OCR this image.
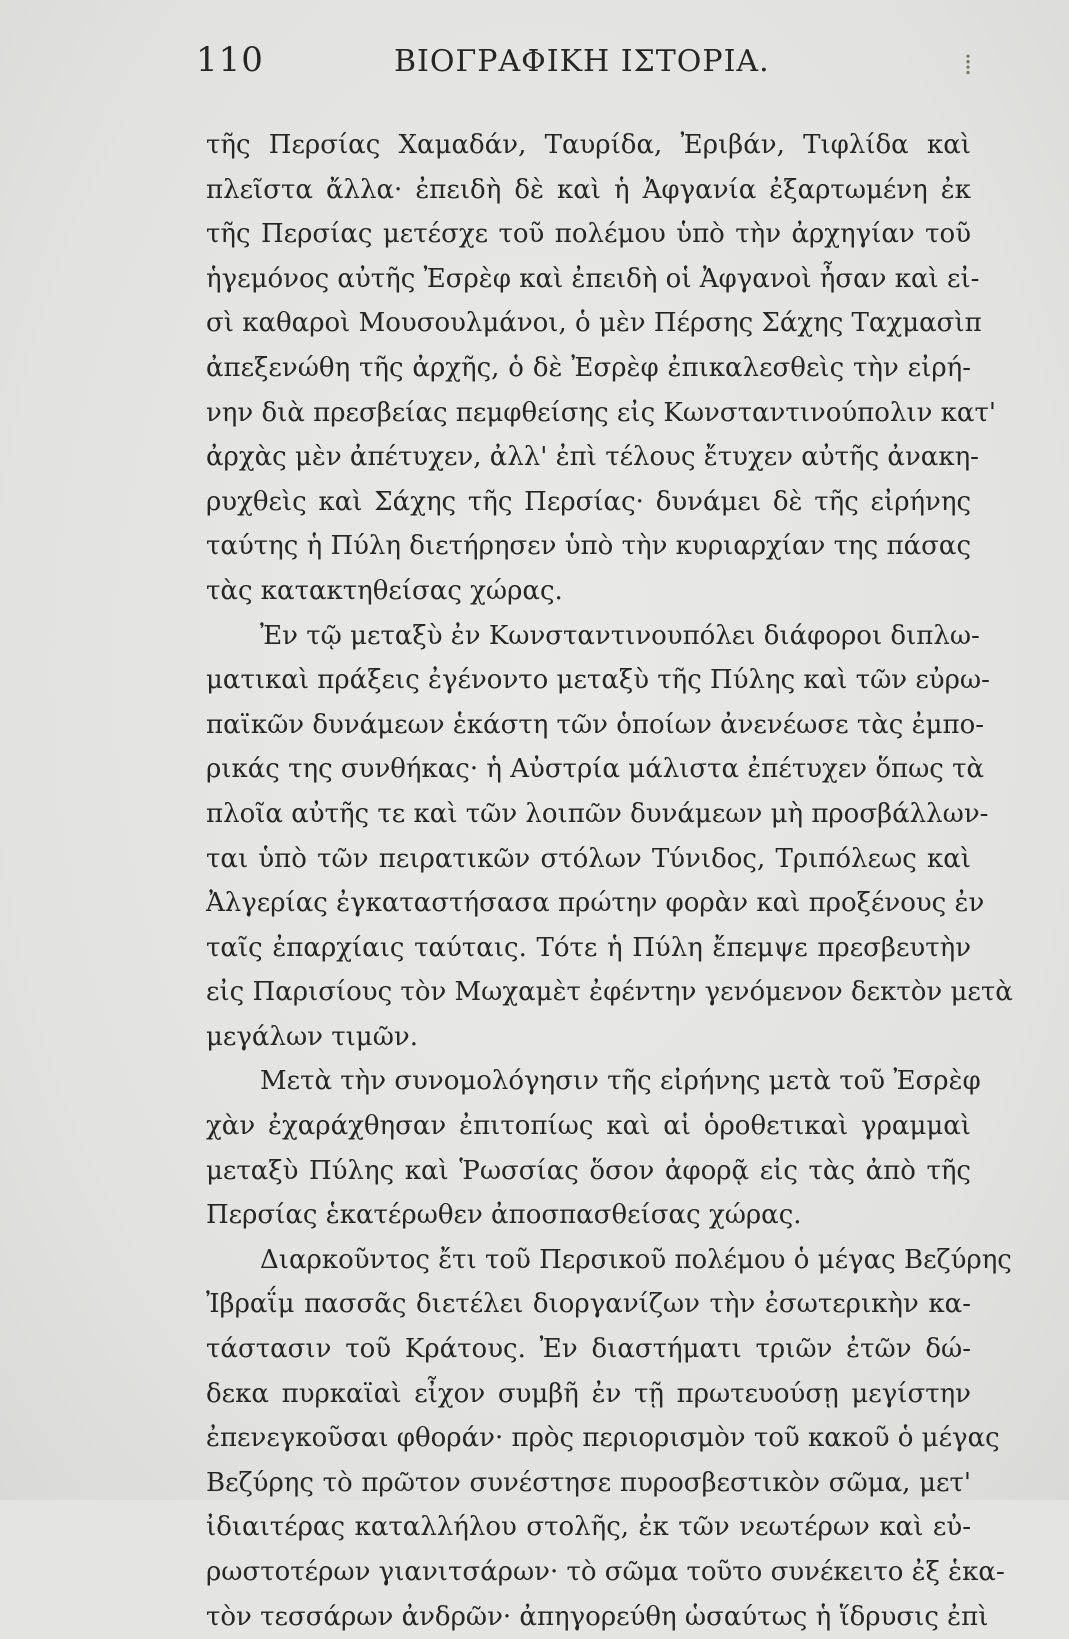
110	ΒΙΟΓΡΑΦΙΚΗ ΙΣΤΟΡΙΑ.	⁞
τῆς Περσίας Χαμαδάν, Ταυρίδα, Ἐριβάν, Τιφλίδα καὶ
πλεῖστα ἄλλα· ἐπειδὴ δὲ καὶ ἡ Ἀφγανία ἐξαρτωμένη ἐκ
τῆς Περσίας μετέσχε τοῦ πολέμου ὑπὸ τὴν ἀρχηγίαν τοῦ
ἡγεμόνος αὐτῆς Ἐσρὲφ καὶ ἐπειδὴ οἱ Ἀφγανοὶ ἦσαν καὶ εἰ-
σὶ καθαροὶ Μουσουλμάνοι, ὁ μὲν Πέρσης Σάχης Ταχμασὶπ
ἀπεξενώθη τῆς ἀρχῆς, ὁ δὲ Ἐσρὲφ ἐπικαλεσθεὶς τὴν εἰρή-
νην διὰ πρεσβείας πεμφθείσης εἰς Κωνσταντινούπολιν κατ'
ἀρχὰς μὲν ἀπέτυχεν, ἀλλ' ἐπὶ τέλους ἔτυχεν αὐτῆς ἀνακη-
ρυχθεὶς καὶ Σάχης τῆς Περσίας· δυνάμει δὲ τῆς εἰρήνης
ταύτης ἡ Πύλη διετήρησεν ὑπὸ τὴν κυριαρχίαν της πάσας
τὰς κατακτηθείσας χώρας.
Ἐν τῷ μεταξὺ ἐν Κωνσταντινουπόλει διάφοροι διπλω-
ματικαὶ πράξεις ἐγένοντο μεταξὺ τῆς Πύλης καὶ τῶν εὐρω-
παϊκῶν δυνάμεων ἑκάστη τῶν ὁποίων ἀνενέωσε τὰς ἐμπο-
ρικάς της συνθήκας· ἡ Αὐστρία μάλιστα ἐπέτυχεν ὅπως τὰ
πλοῖα αὐτῆς τε καὶ τῶν λοιπῶν δυνάμεων μὴ προσβάλλων-
ται ὑπὸ τῶν πειρατικῶν στόλων Τύνιδος, Τριπόλεως καὶ
Ἀλγερίας ἐγκαταστήσασα πρώτην φορὰν καὶ προξένους ἐν
ταῖς ἐπαρχίαις ταύταις. Τότε ἡ Πύλη ἔπεμψε πρεσβευτὴν
εἰς Παρισίους τὸν Μωχαμὲτ ἐφέντην γενόμενον δεκτὸν μετὰ
μεγάλων τιμῶν.
Μετὰ τὴν συνομολόγησιν τῆς εἰρήνης μετὰ τοῦ Ἐσρὲφ
χὰν ἐχαράχθησαν ἐπιτοπίως καὶ αἱ ὁροθετικαὶ γραμμαὶ
μεταξὺ Πύλης καὶ Ῥωσσίας ὅσον ἀφορᾷ εἰς τὰς ἀπὸ τῆς
Περσίας ἑκατέρωθεν ἀποσπασθείσας χώρας.
Διαρκοῦντος ἔτι τοῦ Περσικοῦ πολέμου ὁ μέγας Βεζύρης
Ἰβραΐμ πασσᾶς διετέλει διοργανίζων τὴν ἐσωτερικὴν κα-
τάστασιν τοῦ Κράτους. Ἐν διαστήματι τριῶν ἐτῶν δώ-
δεκα πυρκαϊαὶ εἶχον συμβῆ ἐν τῇ πρωτευούσῃ μεγίστην
ἐπενεγκοῦσαι φθοράν· πρὸς περιορισμὸν τοῦ κακοῦ ὁ μέγας
Βεζύρης τὸ πρῶτον συνέστησε πυροσβεστικὸν σῶμα, μετ'
ἰδιαιτέρας καταλλήλου στολῆς, ἐκ τῶν νεωτέρων καὶ εὐ-
ρωστοτέρων γιανιτσάρων· τὸ σῶμα τοῦτο συνέκειτο ἐξ ἑκα-
τὸν τεσσάρων ἀνδρῶν· ἀπηγορεύθη ὡσαύτως ἡ ἵδρυσις ἐπὶ
